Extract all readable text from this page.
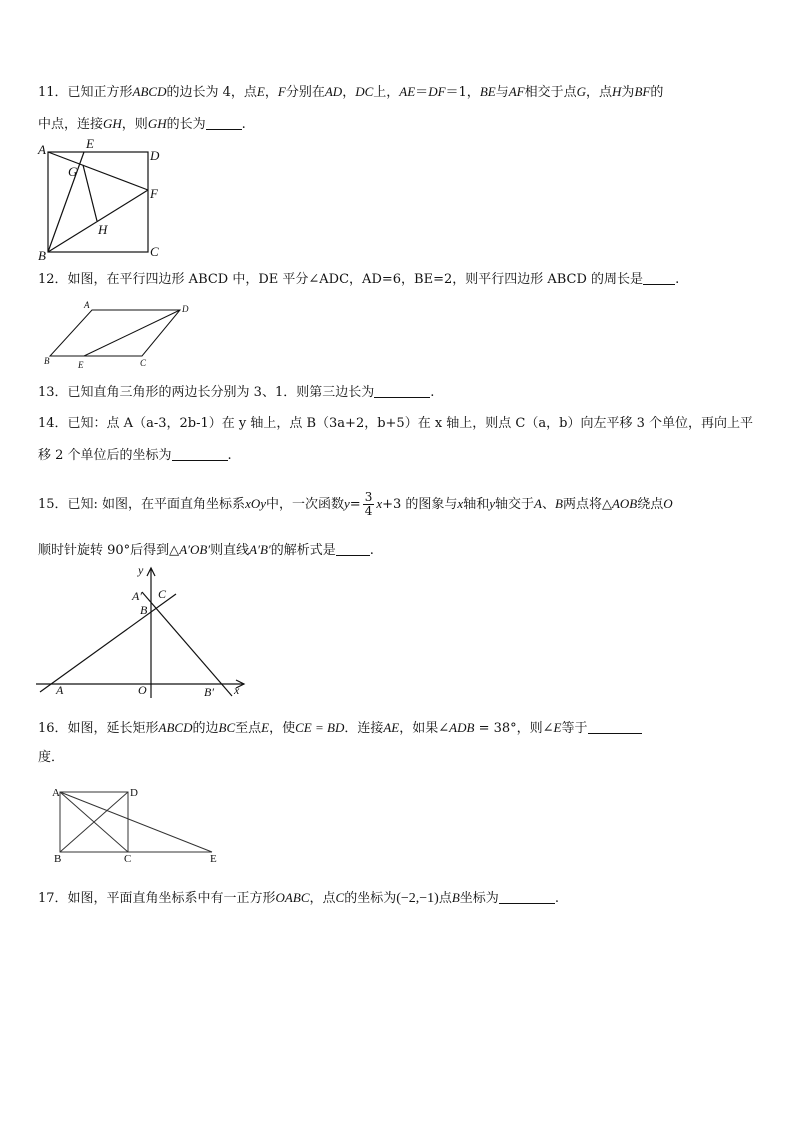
11．已知正方形ABCD的边长为 4，点E，F分别在AD，DC上，AE＝DF＝1，BE与AF相交于点G，点H为BF的
中点，连接GH，则GH的长为	.
A	E
D
G
F
H
B	C
12．如图，在平行四边形 ABCD 中，DE 平分∠ADC，AD=6，BE=2，则平行四边形 ABCD 的周长是 .
A	D
B	E	C
13．已知直角三角形的两边长分别为 3、1．则第三边长为	.
14．已知：点 A（a-3，2b-1）在 y 轴上，点 B（3a+2，b+5）在 x 轴上，则点 C（a，b）向左平移 3 个单位，再向上平
移 2 个单位后的坐标为	.
15．已知: 如图，在平面直角坐标系xOy中，一次函数$y= \frac{3}{4} x+3$ 的图象与x轴和y轴交于A、B两点将△AOB绕点O
顺时针旋转 90°后得到△A′OB′则直线A′B′的解析式是	.
y
A′ C
B
A	O	B′ x
16．如图，延长矩形ABCD的边BC至点E，使CE = BD．连接AE，如果∠ADB = 38°，则∠E等于
度．
A	D
B	C	E
17．如图，平面直角坐标系中有一正方形OABC，点C的坐标为(−2,−1)点B坐标为	.
